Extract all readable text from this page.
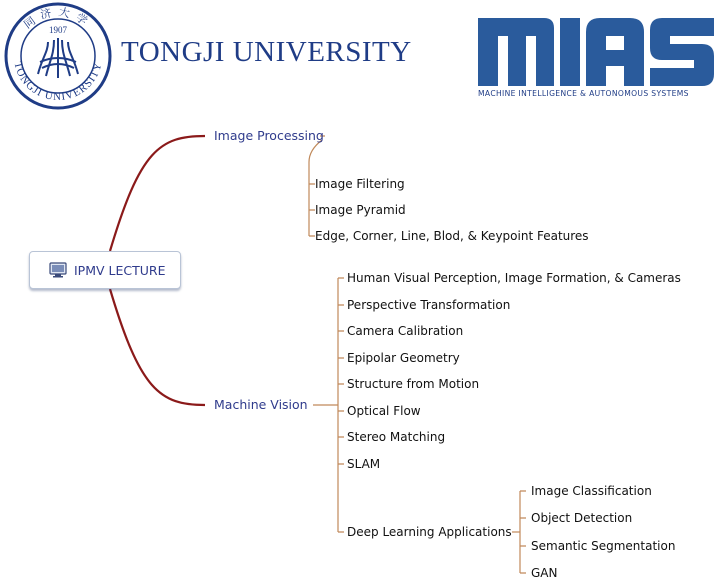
1907
TONGJI UNIVERSITY
同济大学
TONGJI UNIVERSITY
MACHINE INTELLIGENCE & AUTONOMOUS SYSTEMS
IPMV LECTURE
Image Processing
Image Filtering
Image Pyramid
Edge, Corner, Line, Blod, & Keypoint Features
Machine Vision
Human Visual Perception, Image Formation, & Cameras
Perspective Transformation
Camera Calibration
Epipolar Geometry
Structure from Motion
Optical Flow
Stereo Matching
SLAM
Deep Learning Applications
Image Classification
Object Detection
Semantic Segmentation
GAN
